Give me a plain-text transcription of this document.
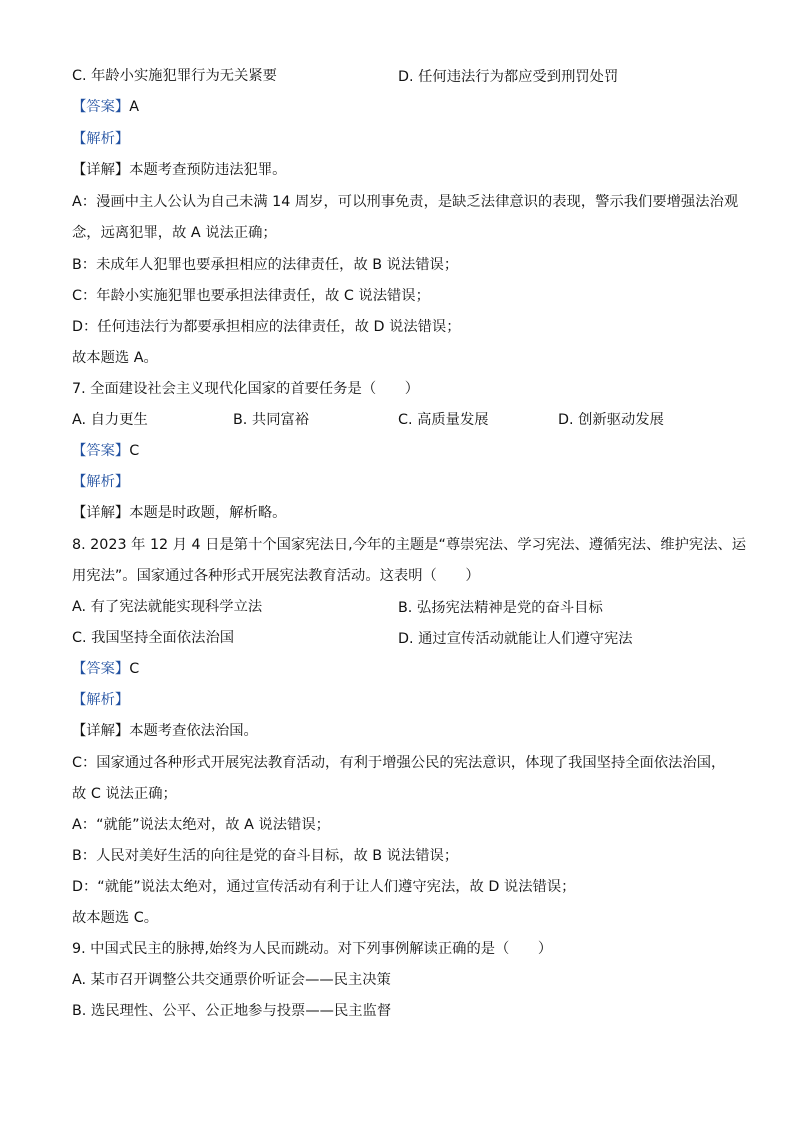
C. 年龄小实施犯罪行为无关紧要	D. 任何违法行为都应受到刑罚处罚
【答案】A
【解析】
【详解】本题考查预防违法犯罪。
A：漫画中主人公认为自己未满 14 周岁，可以刑事免责，是缺乏法律意识的表现，警示我们要增强法治观
念，远离犯罪，故 A 说法正确；
B：未成年人犯罪也要承担相应的法律责任，故 B 说法错误；
C：年龄小实施犯罪也要承担法律责任，故 C 说法错误；
D：任何违法行为都要承担相应的法律责任，故 D 说法错误；
故本题选 A。
7. 全面建设社会主义现代化国家的首要任务是（　　）
A. 自力更生	B. 共同富裕	C. 高质量发展	D. 创新驱动发展
【答案】C
【解析】
【详解】本题是时政题，解析略。
8. 2023 年 12 月 4 日是第十个国家宪法日,今年的主题是“尊崇宪法、学习宪法、遵循宪法、维护宪法、运
用宪法”。国家通过各种形式开展宪法教育活动。这表明（　　）
A. 有了宪法就能实现科学立法	B. 弘扬宪法精神是党的奋斗目标
C. 我国坚持全面依法治国	D. 通过宣传活动就能让人们遵守宪法
【答案】C
【解析】
【详解】本题考查依法治国。
C：国家通过各种形式开展宪法教育活动，有利于增强公民的宪法意识，体现了我国坚持全面依法治国，
故 C 说法正确；
A：“就能”说法太绝对，故 A 说法错误；
B：人民对美好生活的向往是党的奋斗目标，故 B 说法错误；
D：“就能”说法太绝对，通过宣传活动有利于让人们遵守宪法，故 D 说法错误；
故本题选 C。
9. 中国式民主的脉搏,始终为人民而跳动。对下列事例解读正确的是（　　）
A. 某市召开调整公共交通票价听证会——民主决策
B. 选民理性、公平、公正地参与投票——民主监督
